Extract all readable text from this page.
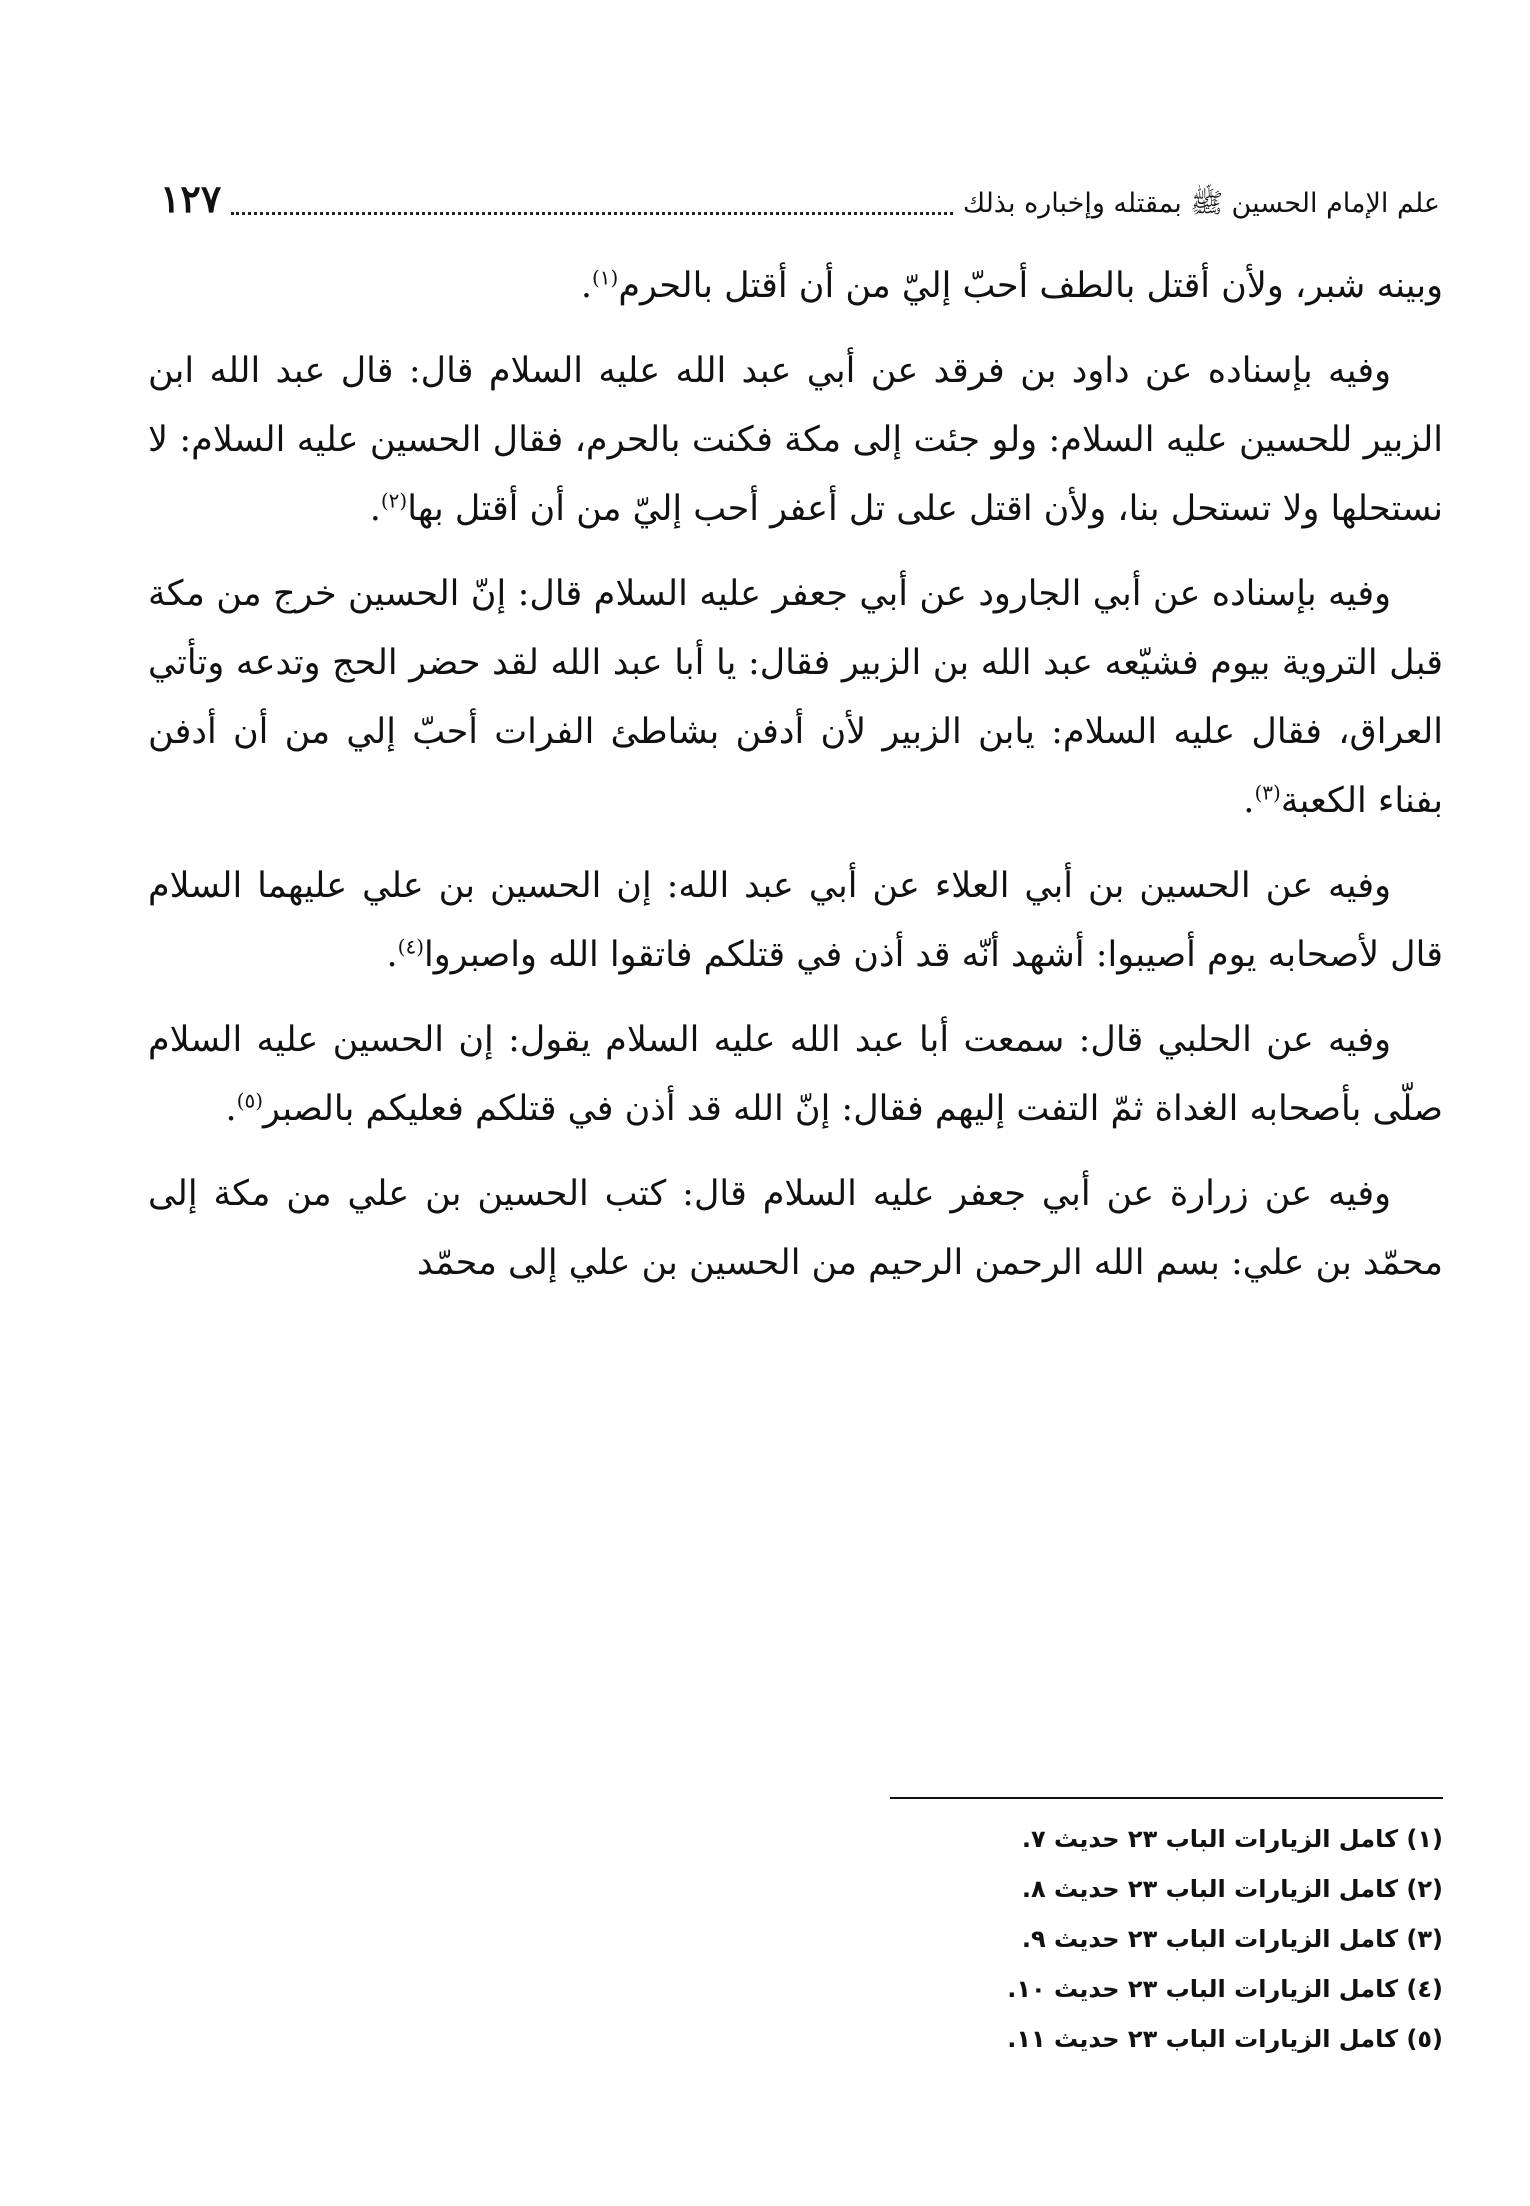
علم الإمام الحسين ﷺ بمقتله وإخباره بذلك
١٢٧

وبينه شبر، ولأن أقتل بالطف أحبّ إليّ من أن أقتل بالحرم$^{(١)}$.

وفيه بإسناده عن داود بن فرقد عن أبي عبد الله عليه السلام قال: قال عبد الله ابن الزبير للحسين عليه السلام: ولو جئت إلى مكة فكنت بالحرم، فقال الحسين عليه السلام: لا نستحلها ولا تستحل بنا، ولأن اقتل على تل أعفر أحب إليّ من أن أقتل بها$^{(٢)}$.

وفيه بإسناده عن أبي الجارود عن أبي جعفر عليه السلام قال: إنّ الحسين خرج من مكة قبل التروية بيوم فشيّعه عبد الله بن الزبير فقال: يا أبا عبد الله لقد حضر الحج وتدعه وتأتي العراق، فقال عليه السلام: يابن الزبير لأن أدفن بشاطئ الفرات أحبّ إلي من أن أدفن بفناء الكعبة$^{(٣)}$.

وفيه عن الحسين بن أبي العلاء عن أبي عبد الله: إن الحسين بن علي عليهما السلام قال لأصحابه يوم أصيبوا: أشهد أنّه قد أذن في قتلكم فاتقوا الله واصبروا$^{(٤)}$.

وفيه عن الحلبي قال: سمعت أبا عبد الله عليه السلام يقول: إن الحسين عليه السلام صلّى بأصحابه الغداة ثمّ التفت إليهم فقال: إنّ الله قد أذن في قتلكم فعليكم بالصبر$^{(٥)}$.

وفيه عن زرارة عن أبي جعفر عليه السلام قال: كتب الحسين بن علي من مكة إلى محمّد بن علي: بسم الله الرحمن الرحيم من الحسين بن علي إلى محمّد

(١) كامل الزيارات الباب ٢٣ حديث ٧.
(٢) كامل الزيارات الباب ٢٣ حديث ٨.
(٣) كامل الزيارات الباب ٢٣ حديث ٩.
(٤) كامل الزيارات الباب ٢٣ حديث ١٠.
(٥) كامل الزيارات الباب ٢٣ حديث ١١.
